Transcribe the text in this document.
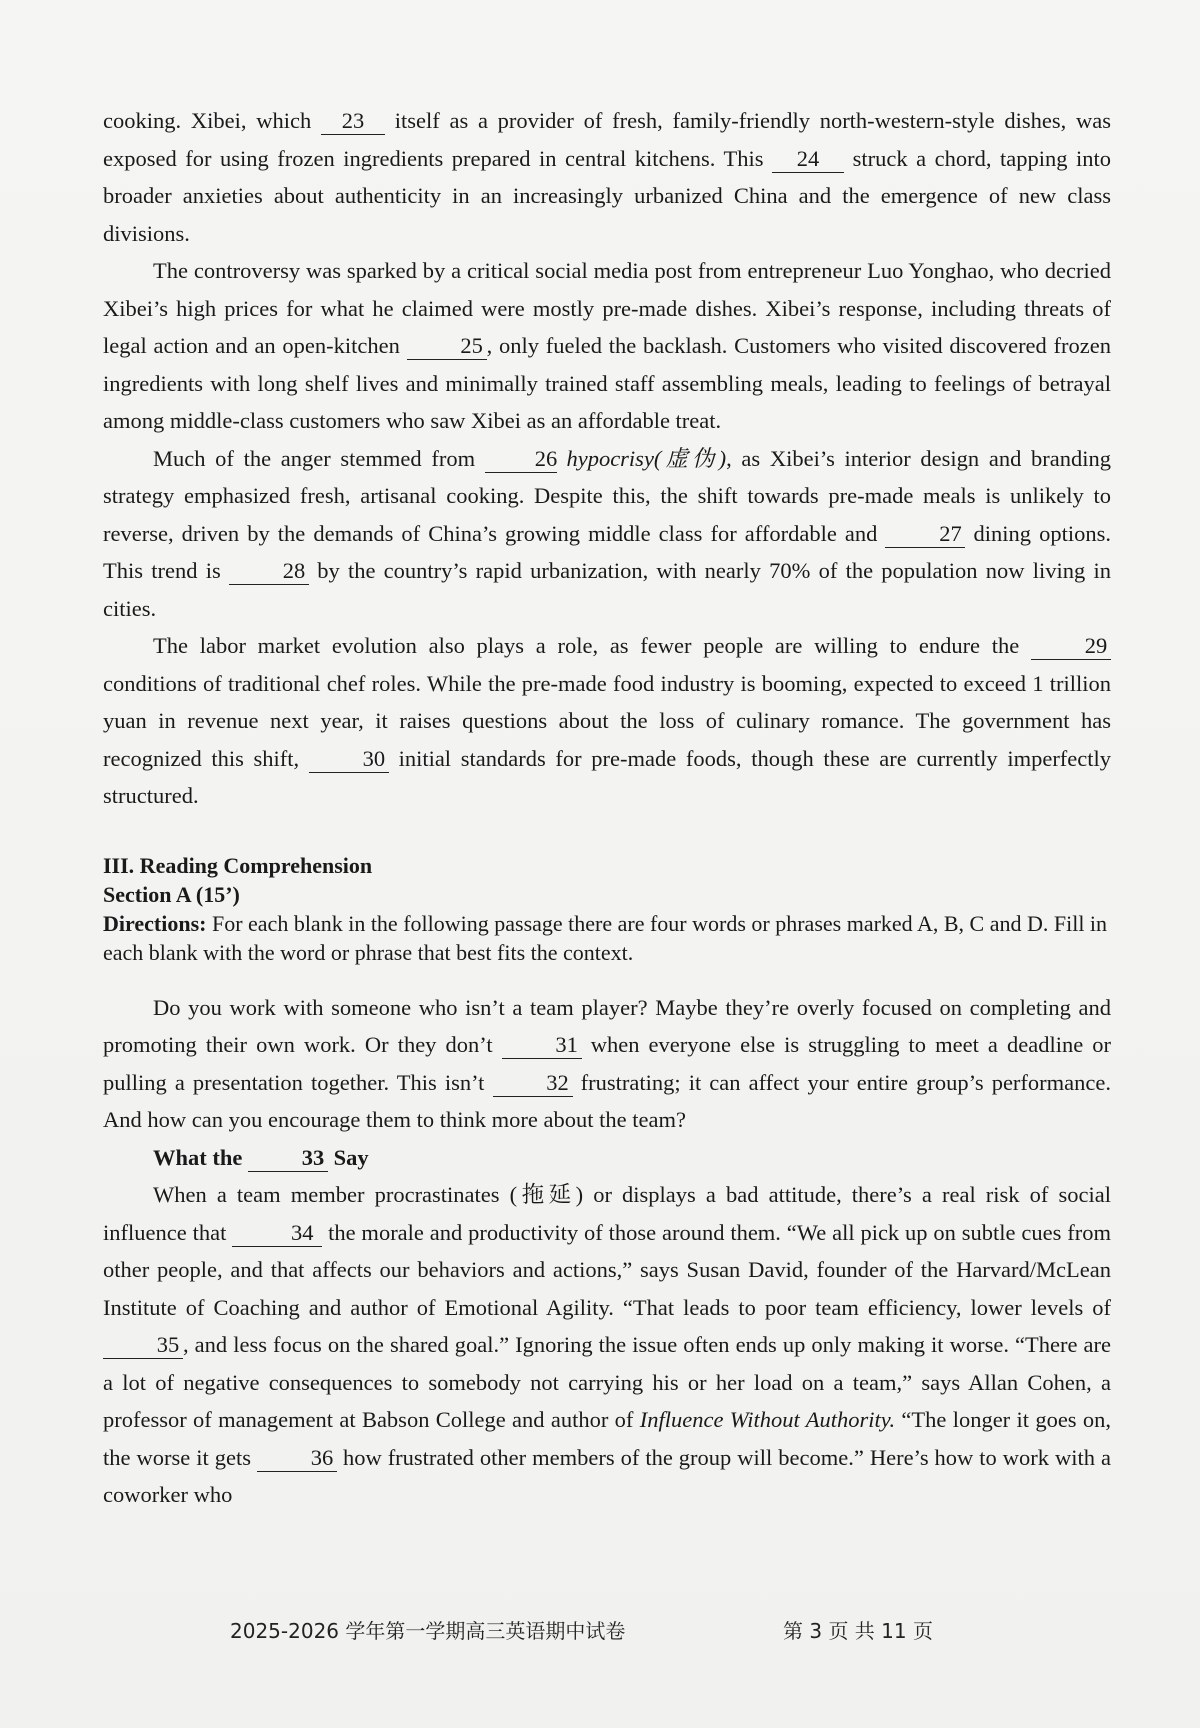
cooking. Xibei, which 23 itself as a provider of fresh, family-friendly north-western-style dishes, was exposed for using frozen ingredients prepared in central kitchens. This 24 struck a chord, tapping into broader anxieties about authenticity in an increasingly urbanized China and the emergence of new class divisions.

The controversy was sparked by a critical social media post from entrepreneur Luo Yonghao, who decried Xibei’s high prices for what he claimed were mostly pre-made dishes. Xibei’s response, including threats of legal action and an open-kitchen	25 , only fueled the backlash. Customers who visited discovered frozen ingredients with long shelf lives and minimally trained staff assembling meals, leading to feelings of betrayal among middle-class customers who saw Xibei as an affordable treat.

Much of the anger stemmed from	26 hypocrisy(虚伪), as Xibei’s interior design and branding strategy emphasized fresh, artisanal cooking. Despite this, the shift towards pre-made meals is unlikely to reverse, driven by the demands of China’s growing middle class for affordable and	27 dining options. This trend is	28 by the country’s rapid urbanization, with nearly 70% of the population now living in cities.

The labor market evolution also plays a role, as fewer people are willing to endure the	29 conditions of traditional chef roles. While the pre-made food industry is booming, expected to exceed 1 trillion yuan in revenue next year, it raises questions about the loss of culinary romance. The government has recognized this shift,	30 initial standards for pre-made foods, though these are currently imperfectly structured.

III. Reading Comprehension
Section A (15’)
Directions: For each blank in the following passage there are four words or phrases marked A, B, C and D. Fill in each blank with the word or phrase that best fits the context.

Do you work with someone who isn’t a team player? Maybe they’re overly focused on completing and promoting their own work. Or they don’t	31 when everyone else is struggling to meet a deadline or pulling a presentation together. This isn’t	32 frustrating; it can affect your entire group’s performance. And how can you encourage them to think more about the team?

What the	33 Say

When a team member procrastinates (拖延) or displays a bad attitude, there’s a real risk of social influence that	34 the morale and productivity of those around them. “We all pick up on subtle cues from other people, and that affects our behaviors and actions,” says Susan David, founder of the Harvard/McLean Institute of Coaching and author of Emotional Agility. “That leads to poor team efficiency, lower levels of 35 , and less focus on the shared goal.” Ignoring the issue often ends up only making it worse. “There are a lot of negative consequences to somebody not carrying his or her load on a team,” says Allan Cohen, a professor of management at Babson College and author of Influence Without Authority. “The longer it goes on, the worse it gets	36 how frustrated other members of the group will become.” Here’s how to work with a coworker who

2025-2026 学年第一学期高三英语期中试卷	第 3 页 共 11 页
